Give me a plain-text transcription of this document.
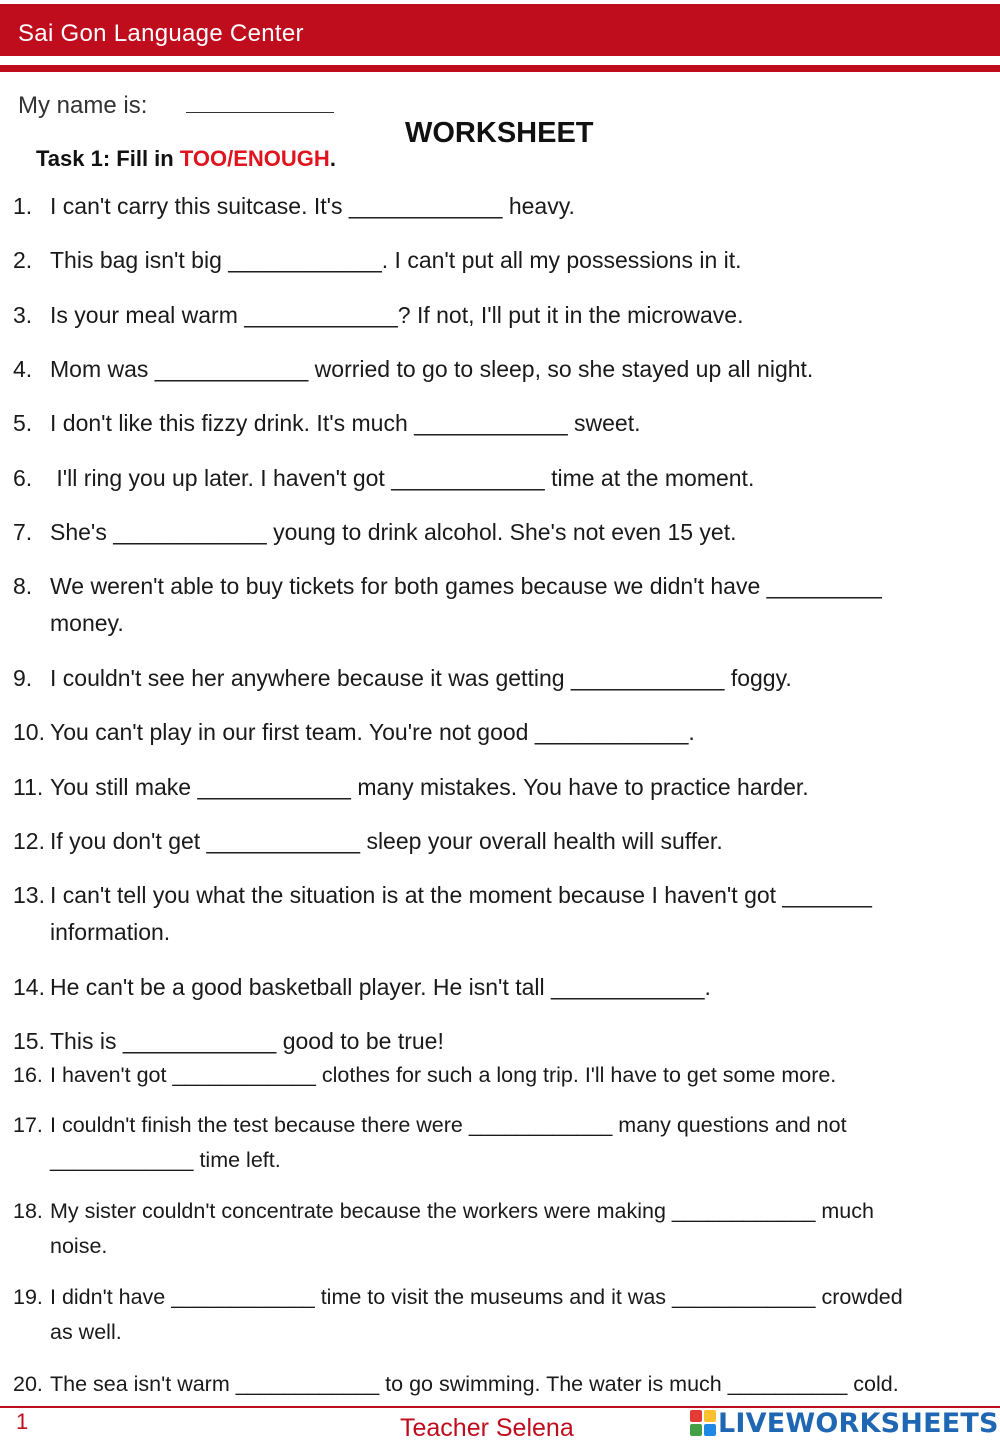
Sai Gon Language Center
My name is:
WORKSHEET
Task 1: Fill in TOO/ENOUGH.
1. I can't carry this suitcase. It's ____________ heavy.
2. This bag isn't big ____________. I can't put all my possessions in it.
3. Is your meal warm ____________? If not, I'll put it in the microwave.
4. Mom was ____________ worried to go to sleep, so she stayed up all night.
5. I don't like this fizzy drink. It's much ____________ sweet.
6. I'll ring you up later. I haven't got ____________ time at the moment.
7. She's ____________ young to drink alcohol. She's not even 15 yet.
8. We weren't able to buy tickets for both games because we didn't have _________
money.
9. I couldn't see her anywhere because it was getting ____________ foggy.
10. You can't play in our first team. You're not good ____________.
11. You still make ____________ many mistakes. You have to practice harder.
12. If you don't get ____________ sleep your overall health will suffer.
13. I can't tell you what the situation is at the moment because I haven't got _______
information.
14. He can't be a good basketball player. He isn't tall ____________.
15. This is ____________ good to be true!
16. I haven't got ____________ clothes for such a long trip. I'll have to get some more.
17. I couldn't finish the test because there were ____________ many questions and not
____________ time left.
18. My sister couldn't concentrate because the workers were making ____________ much
noise.
19. I didn't have ____________ time to visit the museums and it was ____________ crowded
as well.
20. The sea isn't warm ____________ to go swimming. The water is much __________ cold.
1	Teacher Selena	LIVEWORKSHEETS
